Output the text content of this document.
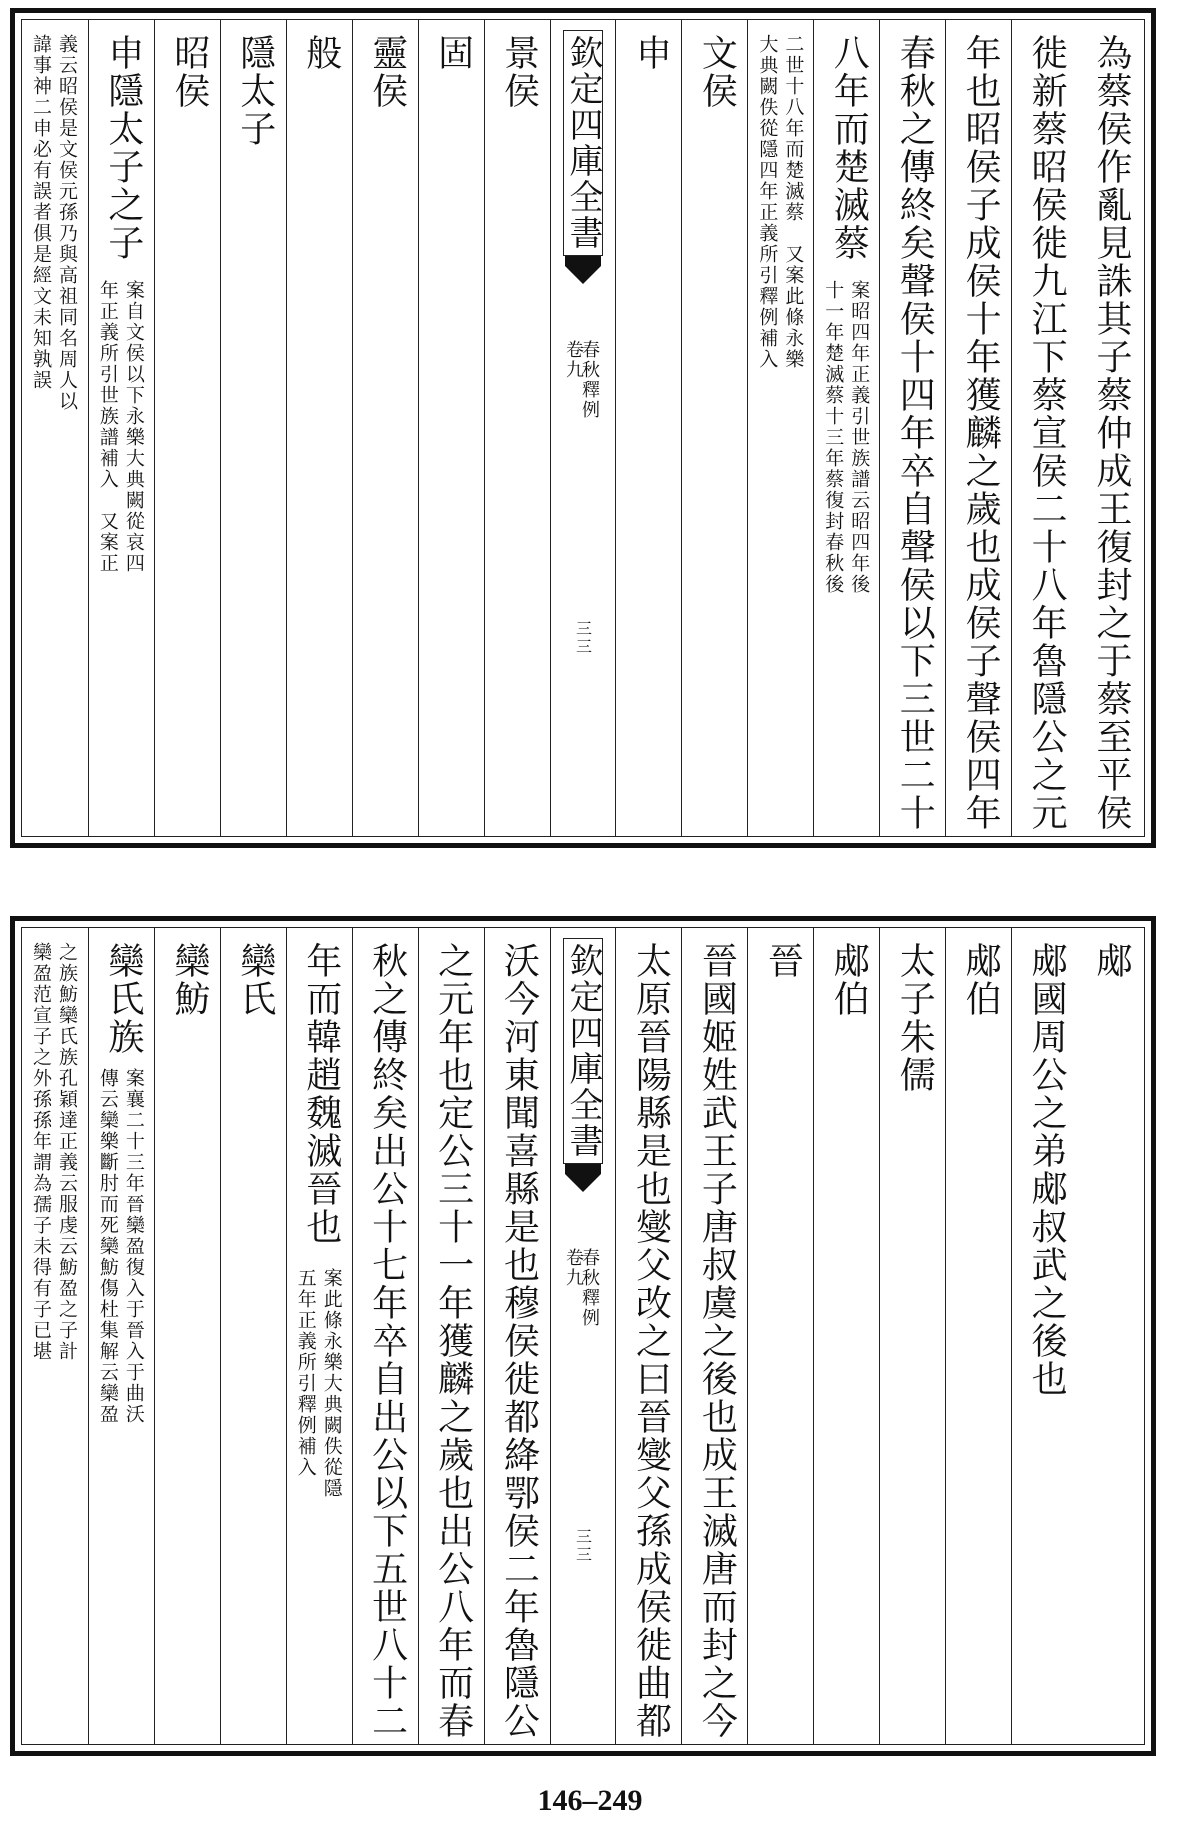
為蔡侯作亂見誅其子蔡仲成王復封之于蔡至平侯
徙新蔡昭侯徙九江下蔡宣侯二十八年魯隱公之元
年也昭侯子成侯十年獲麟之歲也成侯子聲侯四年
春秋之傳終矣聲侯十四年卒自聲侯以下三世二十
八年而楚滅蔡
案昭四年正義引世族譜云昭四年後
十一年楚滅蔡十三年蔡復封春秋後
二世十八年而楚滅蔡　又案此條永樂
大典闕佚從隱四年正義所引釋例補入
文侯
申
欽定四庫全書
春秋釋例
卷九
三三
景侯
固
靈侯
般
隱太子
昭侯
申隱太子之子
案自文侯以下永樂大典闕從哀四
年正義所引世族譜補入　又案正
義云昭侯是文侯元孫乃與高祖同名周人以
諱事神二申必有誤者俱是經文未知孰誤
郕
郕國周公之弟郕叔武之後也
郕伯
太子朱儒
郕伯
晉
晉國姬姓武王子唐叔虞之後也成王滅唐而封之今
太原晉陽縣是也燮父改之曰晉燮父孫成侯徙曲都
欽定四庫全書
春秋釋例
卷九
三三
沃今河東聞喜縣是也穆侯徙都絳鄂侯二年魯隱公
之元年也定公三十一年獲麟之歲也出公八年而春
秋之傳終矣出公十七年卒自出公以下五世八十二
年而韓趙魏滅晉也
案此條永樂大典闕佚從隱
五年正義所引釋例補入
欒氏
欒魴
欒氏族
案襄二十三年晉欒盈復入于晉入于曲沃
傳云欒樂斷肘而死欒魴傷杜集解云欒盈
之族魴欒氏族孔穎達正義云服虔云魴盈之子計
欒盈范宣子之外孫孫年謂為孺子未得有子已堪
146–249
